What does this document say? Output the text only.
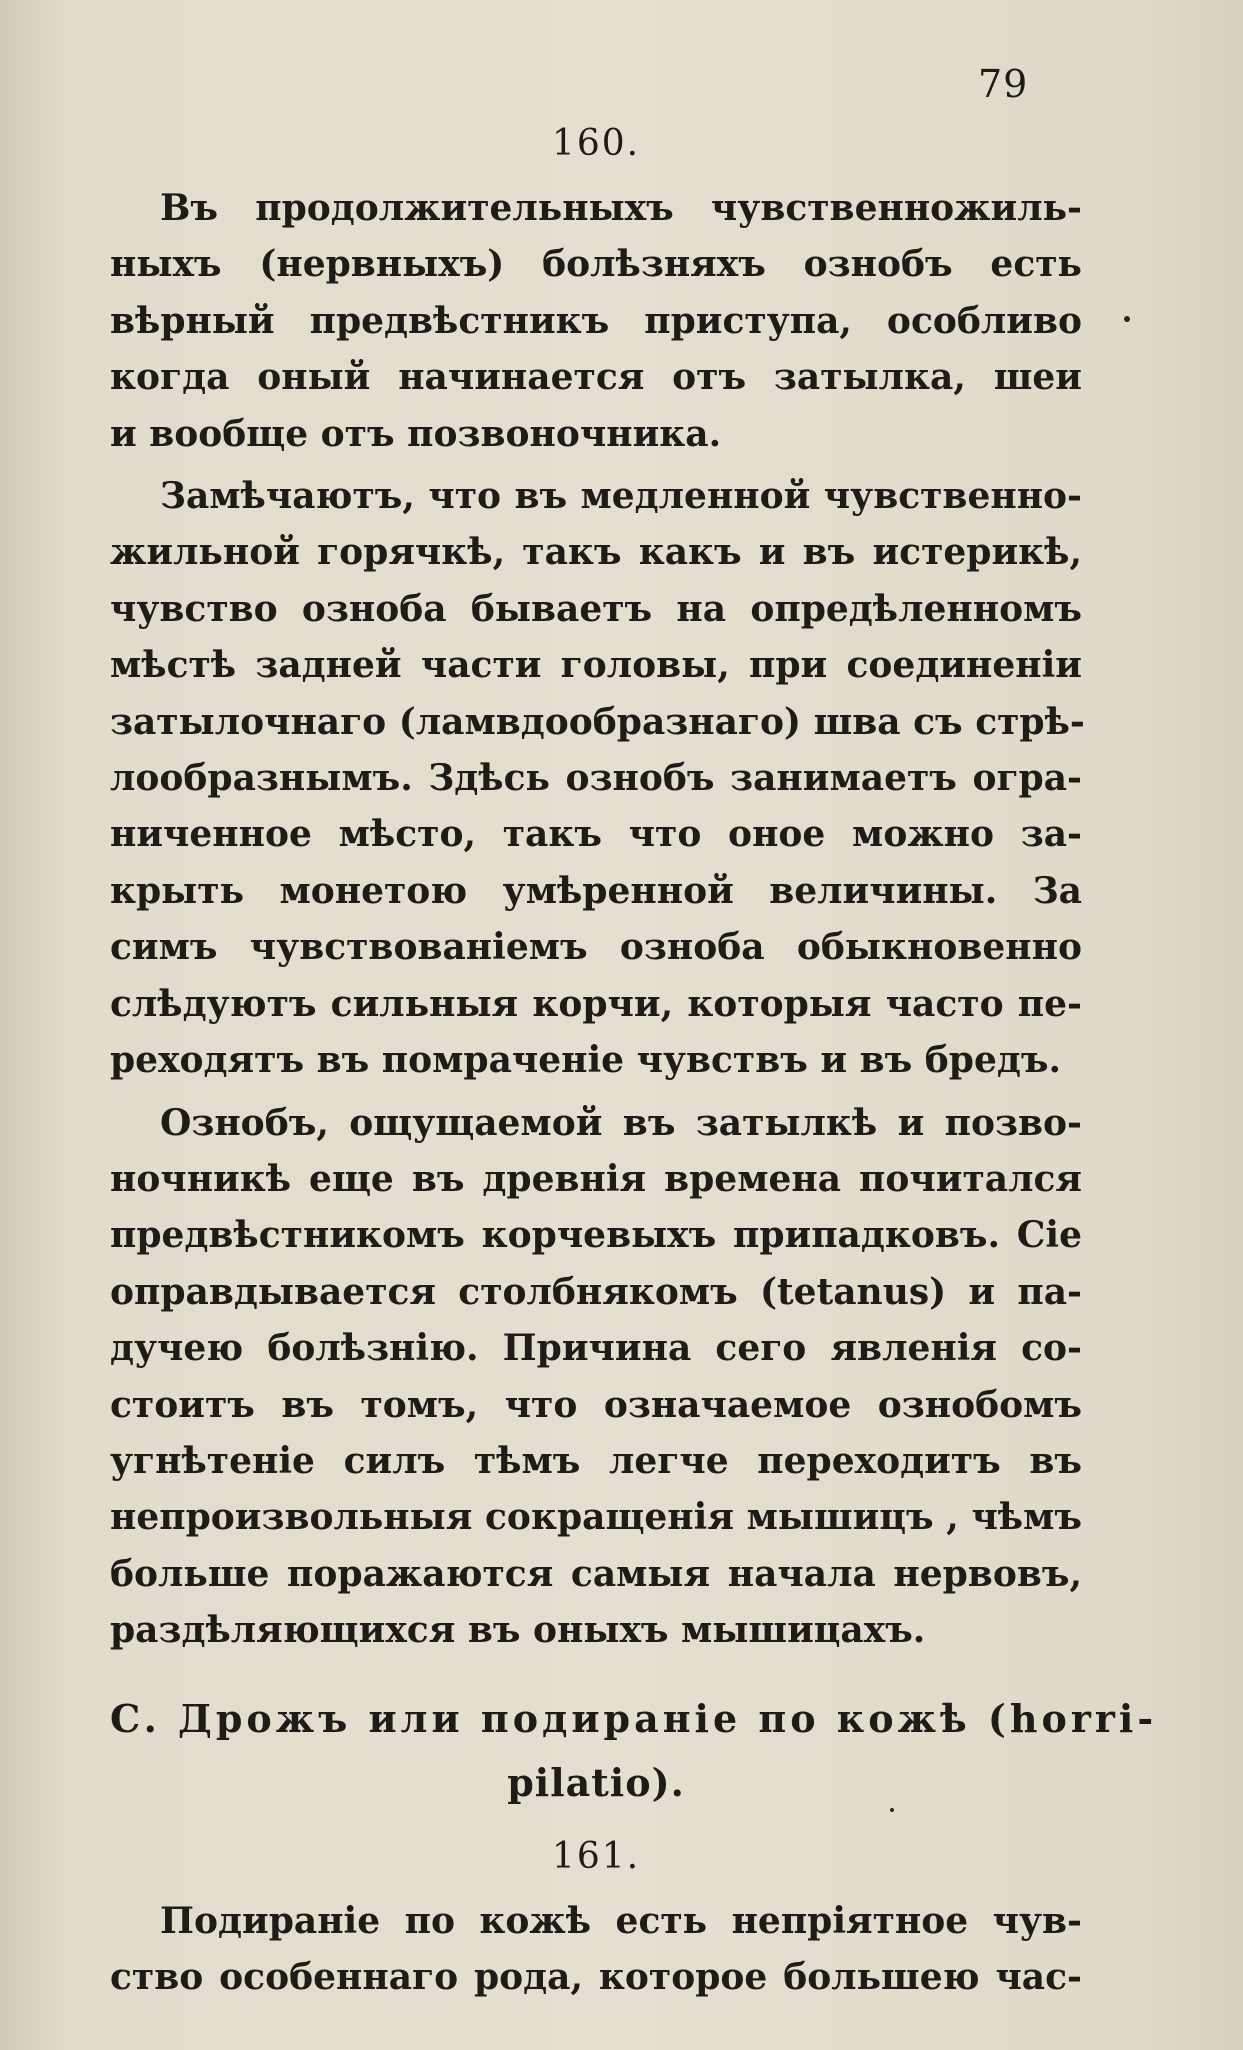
79
160.
Въ продолжительныхъ чувственножиль-
ныхъ (нервныхъ) болѣзняхъ ознобъ есть
вѣрный предвѣстникъ приступа, особливо
когда оный начинается отъ затылка, шеи
и вообще отъ позвоночника.
Замѣчаютъ, что въ медленной чувственно-
жильной горячкѣ, такъ какъ и въ истерикѣ,
чувство озноба бываетъ на опредѣленномъ
мѣстѣ задней части головы, при соединенiи
затылочнаго (ламвдообразнаго) шва съ стрѣ-
лообразнымъ. Здѣсь ознобъ занимаетъ огра-
ниченное мѣсто, такъ что оное можно за-
крыть монетою умѣренной величины. За
симъ чувствованiемъ озноба обыкновенно
слѣдуютъ сильныя корчи, которыя часто пе-
реходятъ въ помраченiе чувствъ и въ бредъ.
Ознобъ, ощущаемой въ затылкѣ и позво-
ночникѣ еще въ древнiя времена почитался
предвѣстникомъ корчевыхъ припадковъ. Сiе
оправдывается столбнякомъ (tetanus) и па-
дучею болѣзнiю. Причина сего явленiя со-
стоитъ въ томъ, что означаемое ознобомъ
угнѣтенiе силъ тѣмъ легче переходитъ въ
непроизвольныя сокращенiя мышицъ , чѣмъ
больше поражаются самыя начала нервовъ,
раздѣляющихся въ оныхъ мышицахъ.
C. Дрожъ или подиранiе по кожѣ (horri-
pilatio).
161.
Подиранiе по кожѣ есть непрiятное чув-
ство особеннаго рода, которое большею час-
